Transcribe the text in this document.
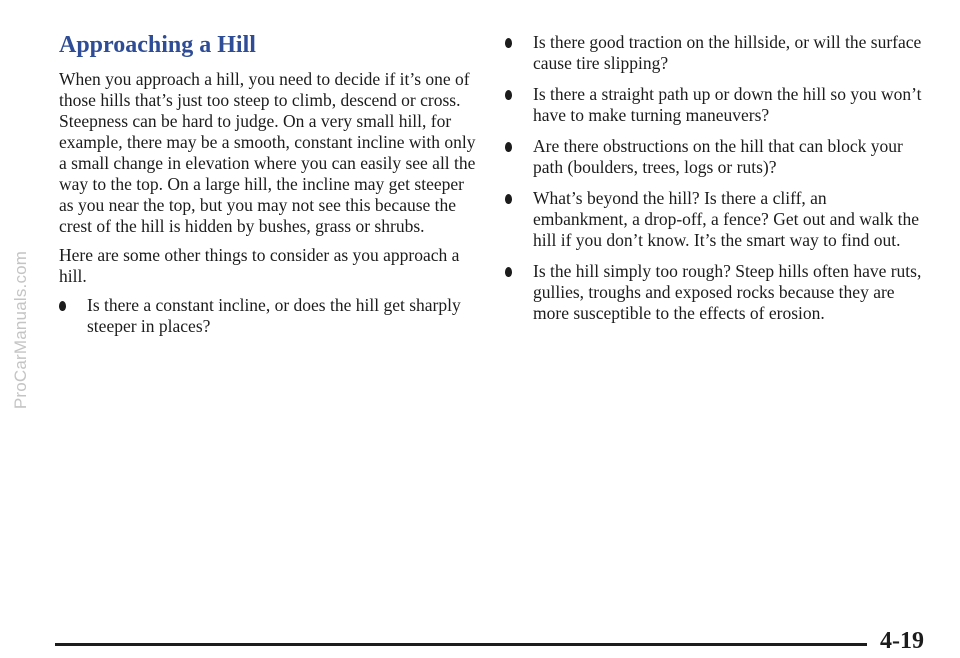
ProCarManuals.com
Approaching a Hill

When you approach a hill, you need to decide if it’s one of those hills that’s just too steep to climb, descend or cross. Steepness can be hard to judge. On a very small hill, for example, there may be a smooth, constant incline with only a small change in elevation where you can easily see all the way to the top. On a large hill, the incline may get steeper as you near the top, but you may not see this because the crest of the hill is hidden by bushes, grass or shrubs.

Here are some other things to consider as you approach a hill.

Is there a constant incline, or does the hill get sharply steeper in places?
Is there good traction on the hillside, or will the surface cause tire slipping?
Is there a straight path up or down the hill so you won’t have to make turning maneuvers?
Are there obstructions on the hill that can block your path (boulders, trees, logs or ruts)?
What’s beyond the hill? Is there a cliff, an embankment, a drop-off, a fence? Get out and walk the hill if you don’t know. It’s the smart way to find out.
Is the hill simply too rough? Steep hills often have ruts, gullies, troughs and exposed rocks because they are more susceptible to the effects of erosion.
4-19
